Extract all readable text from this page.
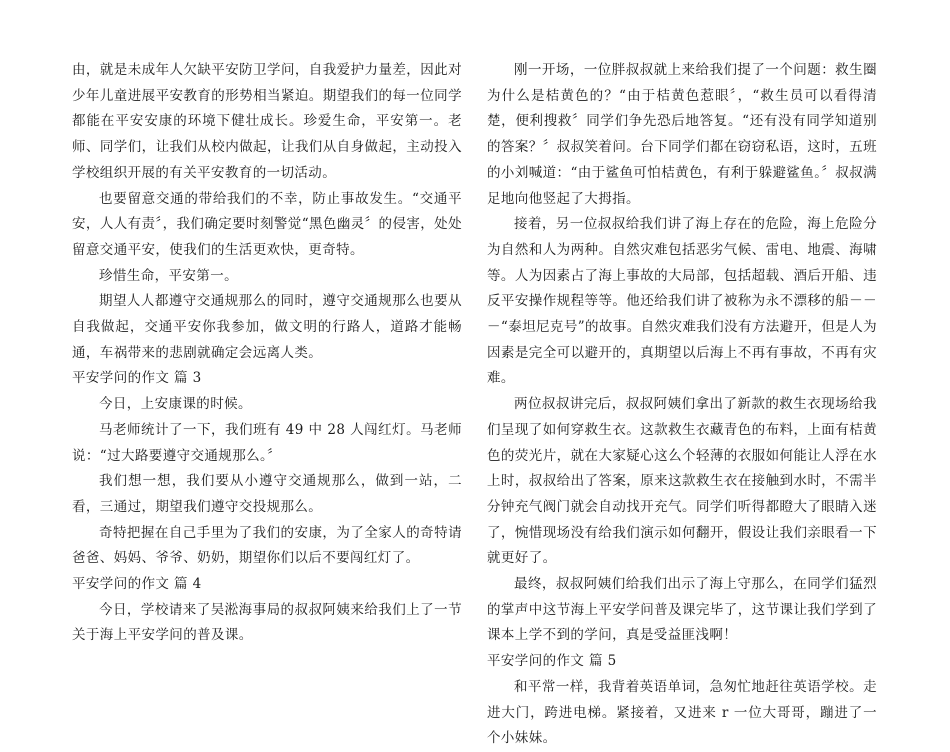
由，就是未成年人欠缺平安防卫学问，自我爱护力量差，因此对少年儿童进展平安教育的形势相当紧迫。期望我们的每一位同学都能在平安安康的环境下健壮成长。珍爱生命，平安第一。老师、同学们，让我们从校内做起，让我们从自身做起，主动投入学校组织开展的有关平安教育的一切活动。

也要留意交通的带给我们的不幸，防止事故发生。“交通平安，人人有责〞，我们确定要时刻警觉“黑色幽灵〞的侵害，处处留意交通平安，使我们的生活更欢快，更奇特。

珍惜生命，平安第一。

期望人人都遵守交通规那么的同时，遵守交通规那么也要从自我做起，交通平安你我参加，做文明的行路人，道路才能畅通，车祸带来的悲剧就确定会远离人类。

平安学问的作文 篇 3

今日，上安康课的时候。

马老师统计了一下，我们班有 49 中 28 人闯红灯。马老师说：“过大路要遵守交通规那么。〞

我们想一想，我们要从小遵守交通规那么，做到一站，二看，三通过，期望我们遵守交投规那么。

奇特把握在自己手里为了我们的安康，为了全家人的奇特请爸爸、妈妈、爷爷、奶奶，期望你们以后不要闯红灯了。

平安学问的作文 篇 4

今日，学校请来了吴淞海事局的叔叔阿姨来给我们上了一节关于海上平安学问的普及课。

刚一开场，一位胖叔叔就上来给我们提了一个问题：救生圈为什么是桔黄色的？“由于桔黄色惹眼〞，“救生员可以看得清楚，便利搜救〞同学们争先恐后地答复。“还有没有同学知道别的答案？〞叔叔笑着问。台下同学们都在窃窃私语，这时，五班的小刘喊道：“由于鲨鱼可怕桔黄色，有利于躲避鲨鱼。〞叔叔满足地向他竖起了大拇指。

接着，另一位叔叔给我们讲了海上存在的危险，海上危险分为自然和人为两种。自然灾难包括恶劣气候、雷电、地震、海啸等。人为因素占了海上事故的大局部，包括超载、酒后开船、违反平安操作规程等等。他还给我们讲了被称为永不漂移的船－－－“泰坦尼克号”的故事。自然灾难我们没有方法避开，但是人为因素是完全可以避开的，真期望以后海上不再有事故，不再有灾难。

两位叔叔讲完后，叔叔阿姨们拿出了新款的救生衣现场给我们呈现了如何穿救生衣。这款救生衣藏青色的布料，上面有桔黄色的荧光片，就在大家疑心这么个轻薄的衣服如何能让人浮在水上时，叔叔给出了答案，原来这款救生衣在接触到水时，不需半分钟充气阀门就会自动找开充气。同学们听得都瞪大了眼睛入迷了，惋惜现场没有给我们演示如何翻开，假设让我们亲眼看一下就更好了。

最终，叔叔阿姨们给我们出示了海上守那么，在同学们猛烈的掌声中这节海上平安学问普及课完毕了，这节课让我们学到了课本上学不到的学问，真是受益匪浅啊！

平安学问的作文 篇 5

和平常一样，我背着英语单词，急匆忙地赶往英语学校。走进大门，跨进电梯。紧接着，又进来 r 一位大哥哥，蹦进了一个小妹妹。
